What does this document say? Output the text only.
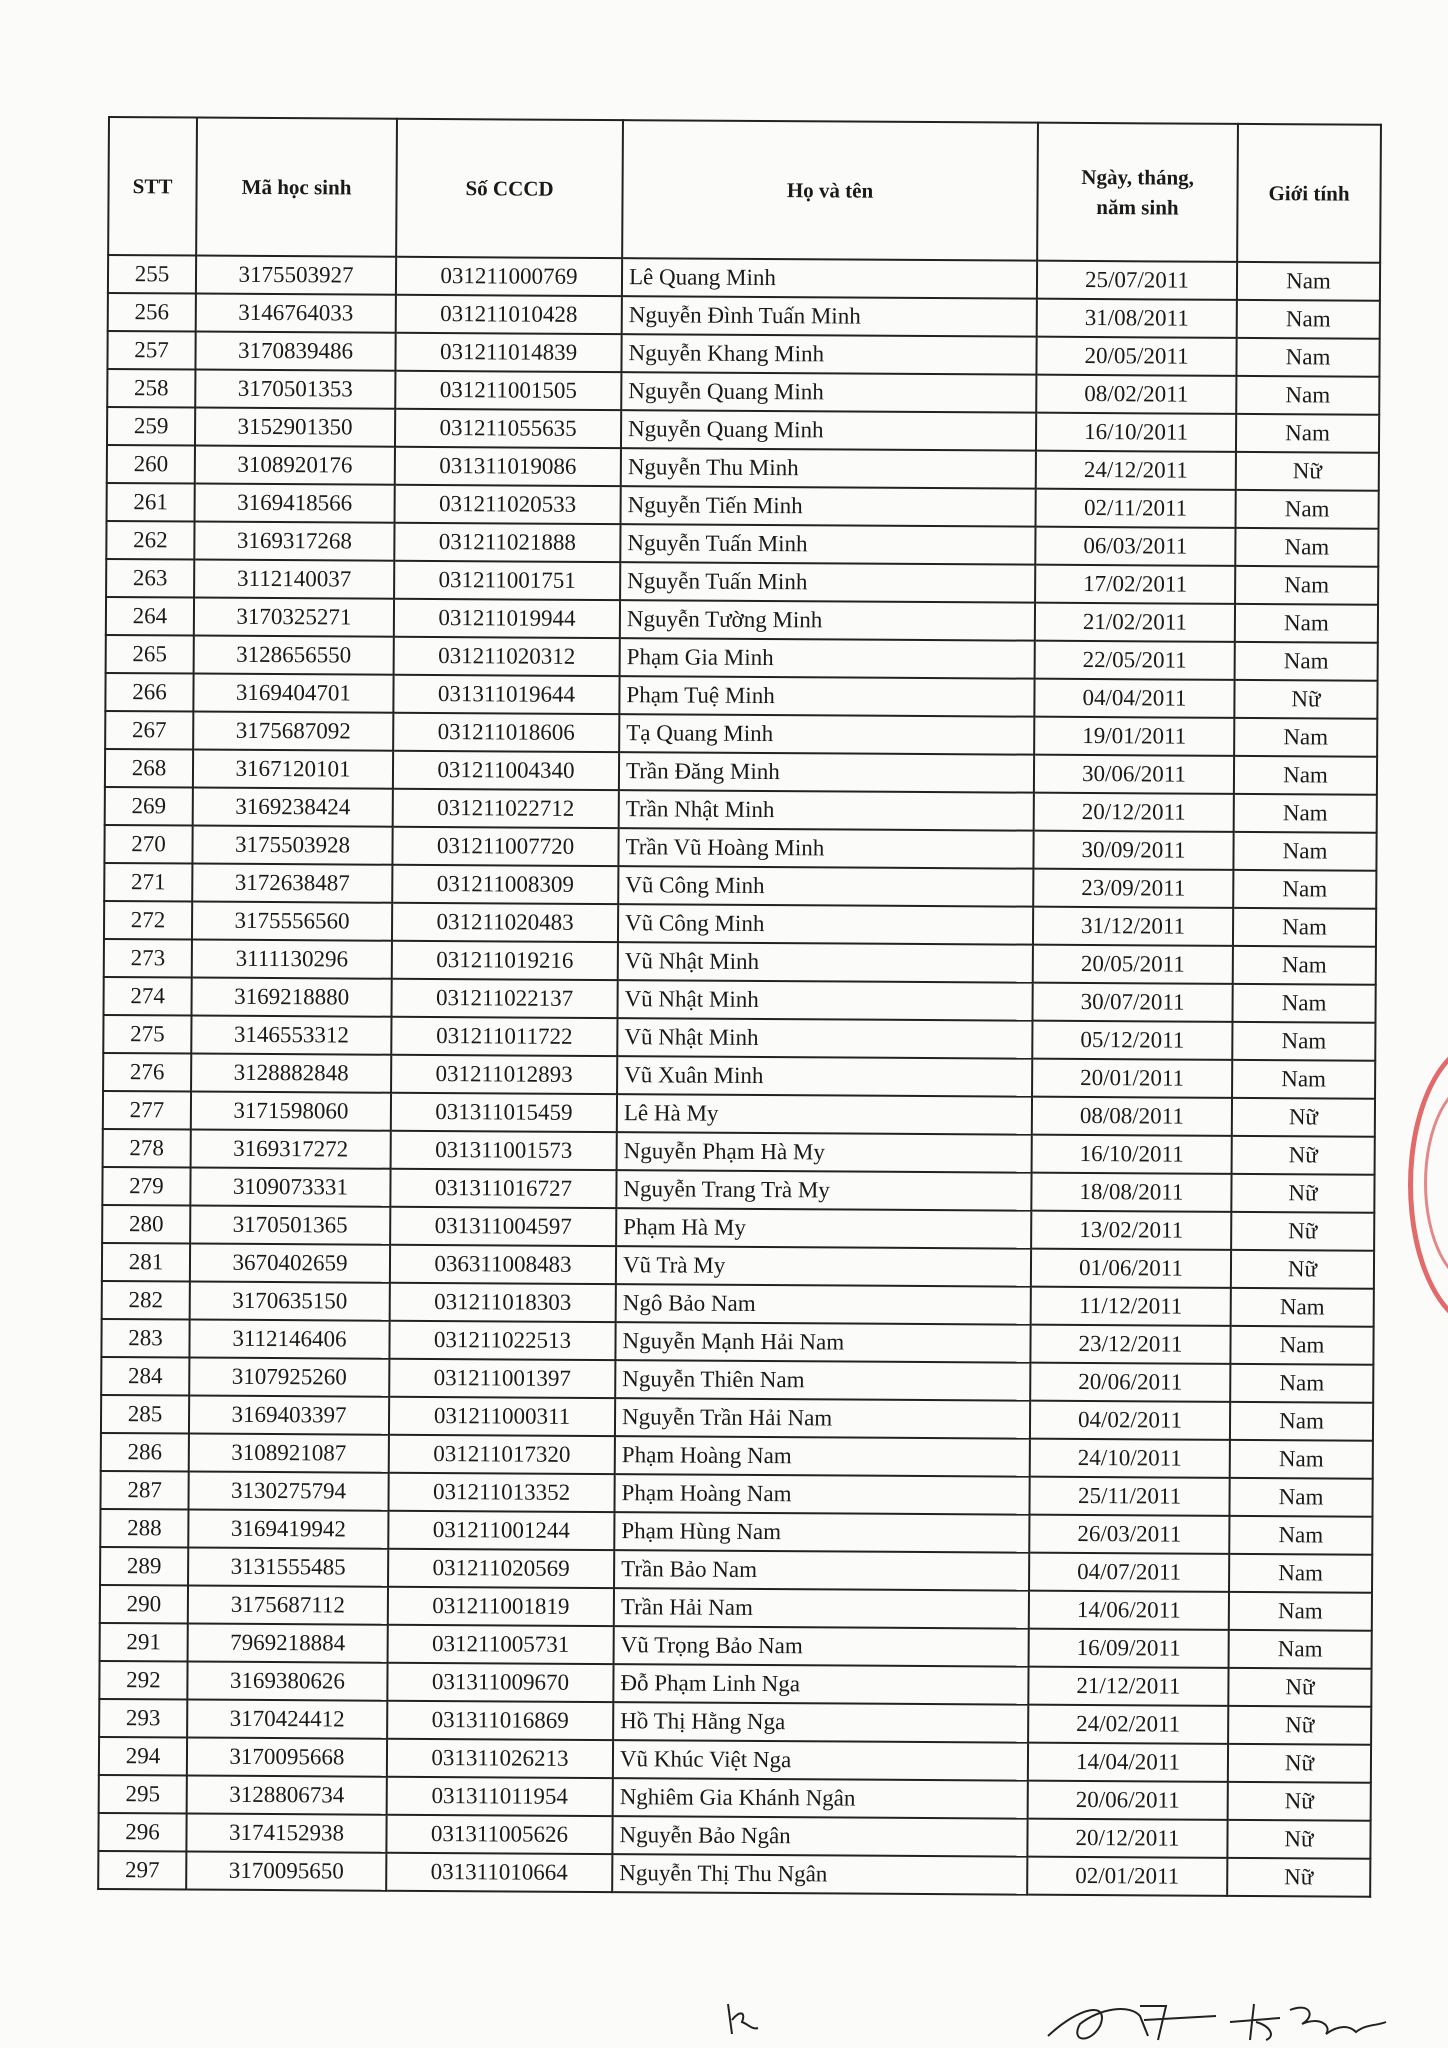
STT	Mã học sinh	Số CCCD	Họ và tên	Ngày, tháng, năm sinh	Giới tính
255	3175503927	031211000769	Lê Quang Minh	25/07/2011	Nam
256	3146764033	031211010428	Nguyễn Đình Tuấn Minh	31/08/2011	Nam
257	3170839486	031211014839	Nguyễn Khang Minh	20/05/2011	Nam
258	3170501353	031211001505	Nguyễn Quang Minh	08/02/2011	Nam
259	3152901350	031211055635	Nguyễn Quang Minh	16/10/2011	Nam
260	3108920176	031311019086	Nguyễn Thu Minh	24/12/2011	Nữ
261	3169418566	031211020533	Nguyễn Tiến Minh	02/11/2011	Nam
262	3169317268	031211021888	Nguyễn Tuấn Minh	06/03/2011	Nam
263	3112140037	031211001751	Nguyễn Tuấn Minh	17/02/2011	Nam
264	3170325271	031211019944	Nguyễn Tường Minh	21/02/2011	Nam
265	3128656550	031211020312	Phạm Gia Minh	22/05/2011	Nam
266	3169404701	031311019644	Phạm Tuệ Minh	04/04/2011	Nữ
267	3175687092	031211018606	Tạ Quang Minh	19/01/2011	Nam
268	3167120101	031211004340	Trần Đăng Minh	30/06/2011	Nam
269	3169238424	031211022712	Trần Nhật Minh	20/12/2011	Nam
270	3175503928	031211007720	Trần Vũ Hoàng Minh	30/09/2011	Nam
271	3172638487	031211008309	Vũ Công Minh	23/09/2011	Nam
272	3175556560	031211020483	Vũ Công Minh	31/12/2011	Nam
273	3111130296	031211019216	Vũ Nhật Minh	20/05/2011	Nam
274	3169218880	031211022137	Vũ Nhật Minh	30/07/2011	Nam
275	3146553312	031211011722	Vũ Nhật Minh	05/12/2011	Nam
276	3128882848	031211012893	Vũ Xuân Minh	20/01/2011	Nam
277	3171598060	031311015459	Lê Hà My	08/08/2011	Nữ
278	3169317272	031311001573	Nguyễn Phạm Hà My	16/10/2011	Nữ
279	3109073331	031311016727	Nguyễn Trang Trà My	18/08/2011	Nữ
280	3170501365	031311004597	Phạm Hà My	13/02/2011	Nữ
281	3670402659	036311008483	Vũ Trà My	01/06/2011	Nữ
282	3170635150	031211018303	Ngô Bảo Nam	11/12/2011	Nam
283	3112146406	031211022513	Nguyễn Mạnh Hải Nam	23/12/2011	Nam
284	3107925260	031211001397	Nguyễn Thiên Nam	20/06/2011	Nam
285	3169403397	031211000311	Nguyễn Trần Hải Nam	04/02/2011	Nam
286	3108921087	031211017320	Phạm Hoàng Nam	24/10/2011	Nam
287	3130275794	031211013352	Phạm Hoàng Nam	25/11/2011	Nam
288	3169419942	031211001244	Phạm Hùng Nam	26/03/2011	Nam
289	3131555485	031211020569	Trần Bảo Nam	04/07/2011	Nam
290	3175687112	031211001819	Trần Hải Nam	14/06/2011	Nam
291	7969218884	031211005731	Vũ Trọng Bảo Nam	16/09/2011	Nam
292	3169380626	031311009670	Đỗ Phạm Linh Nga	21/12/2011	Nữ
293	3170424412	031311016869	Hồ Thị Hằng Nga	24/02/2011	Nữ
294	3170095668	031311026213	Vũ Khúc Việt Nga	14/04/2011	Nữ
295	3128806734	031311011954	Nghiêm Gia Khánh Ngân	20/06/2011	Nữ
296	3174152938	031311005626	Nguyễn Bảo Ngân	20/12/2011	Nữ
297	3170095650	031311010664	Nguyễn Thị Thu Ngân	02/01/2011	Nữ
